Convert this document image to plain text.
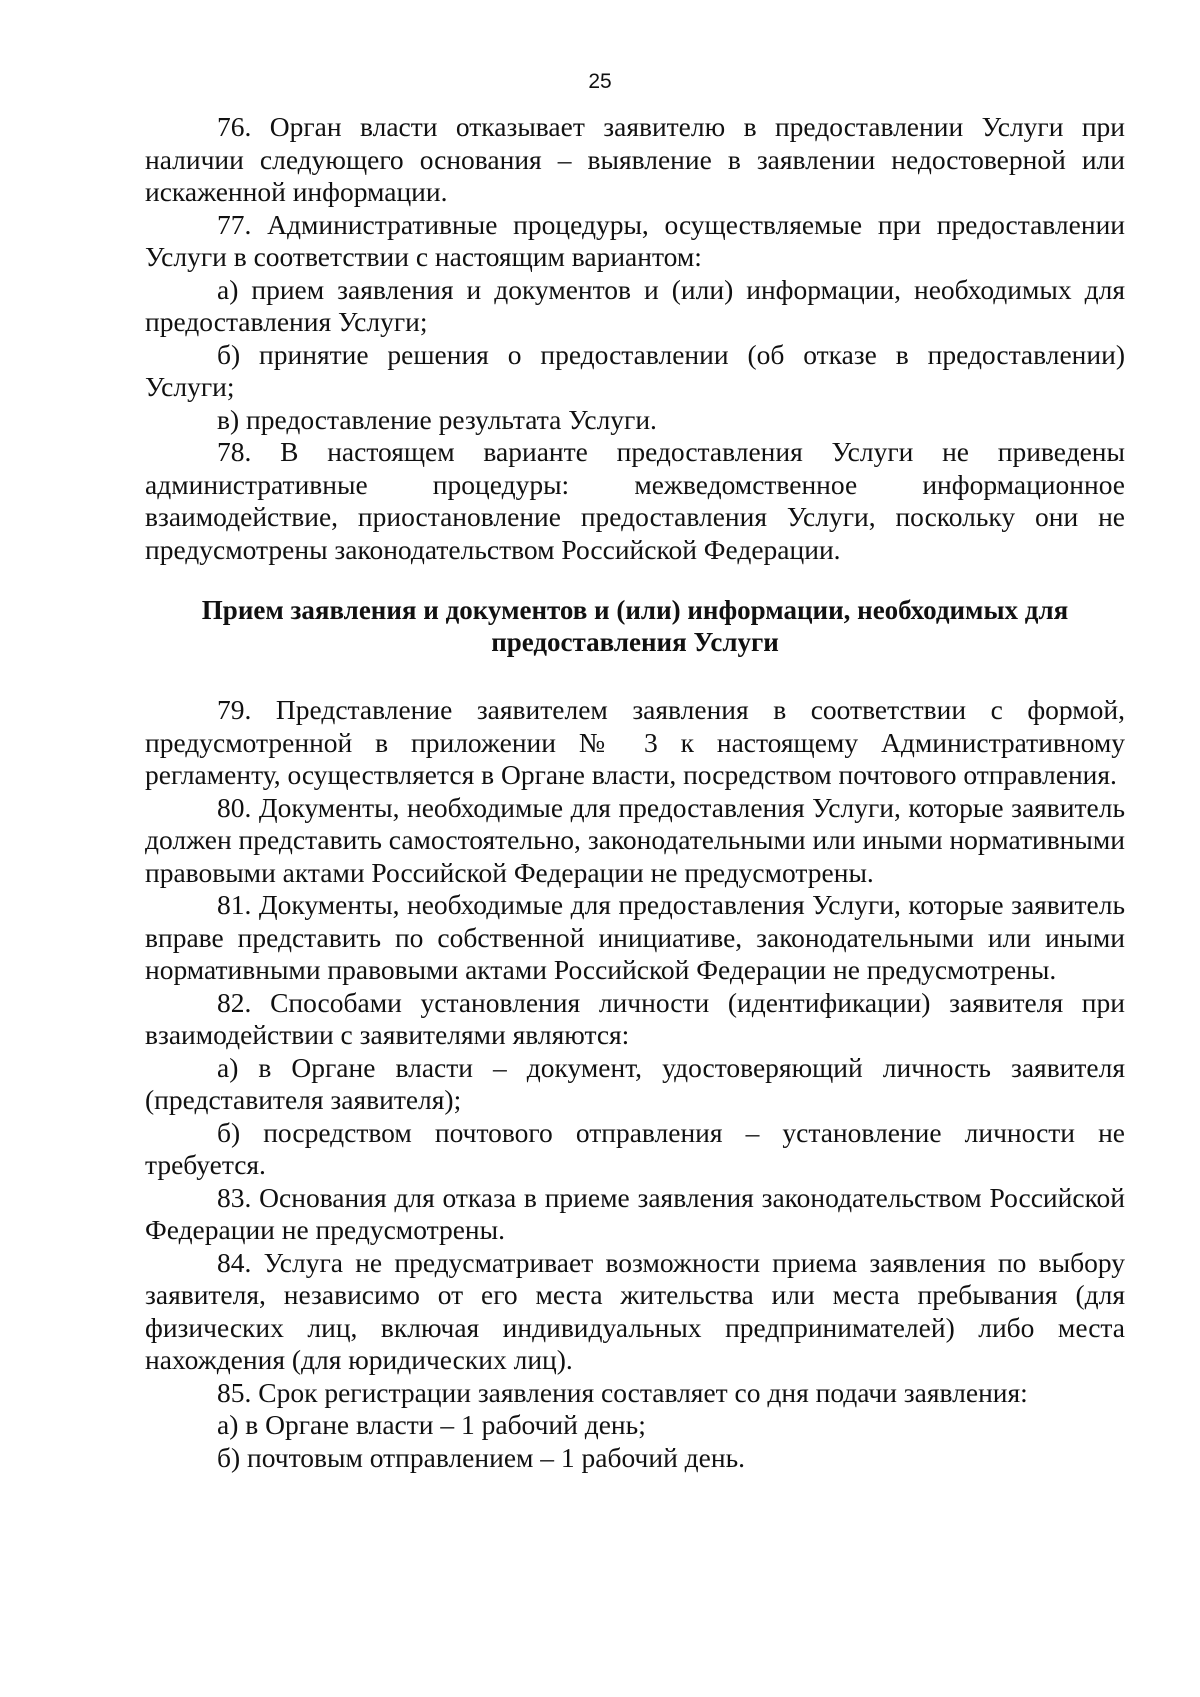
25

76. Орган власти отказывает заявителю в предоставлении Услуги при наличии следующего основания – выявление в заявлении недостоверной или искаженной информации.

77. Административные процедуры, осуществляемые при предоставлении Услуги в соответствии с настоящим вариантом:

а) прием заявления и документов и (или) информации, необходимых для предоставления Услуги;

б) принятие решения о предоставлении (об отказе в предоставлении) Услуги;

в) предоставление результата Услуги.

78. В настоящем варианте предоставления Услуги не приведены административные процедуры: межведомственное информационное взаимодействие, приостановление предоставления Услуги, поскольку они не предусмотрены законодательством Российской Федерации.

Прием заявления и документов и (или) информации, необходимых для предоставления Услуги

79. Представление заявителем заявления в соответствии с формой, предусмотренной в приложении № 3 к настоящему Административному регламенту, осуществляется в Органе власти, посредством почтового отправления.

80. Документы, необходимые для предоставления Услуги, которые заявитель должен представить самостоятельно, законодательными или иными нормативными правовыми актами Российской Федерации не предусмотрены.

81. Документы, необходимые для предоставления Услуги, которые заявитель вправе представить по собственной инициативе, законодательными или иными нормативными правовыми актами Российской Федерации не предусмотрены.

82. Способами установления личности (идентификации) заявителя при взаимодействии с заявителями являются:

а) в Органе власти – документ, удостоверяющий личность заявителя (представителя заявителя);

б) посредством почтового отправления – установление личности не требуется.

83. Основания для отказа в приеме заявления законодательством Российской Федерации не предусмотрены.

84. Услуга не предусматривает возможности приема заявления по выбору заявителя, независимо от его места жительства или места пребывания (для физических лиц, включая индивидуальных предпринимателей) либо места нахождения (для юридических лиц).

85. Срок регистрации заявления составляет со дня подачи заявления:

а) в Органе власти – 1 рабочий день;

б) почтовым отправлением – 1 рабочий день.
